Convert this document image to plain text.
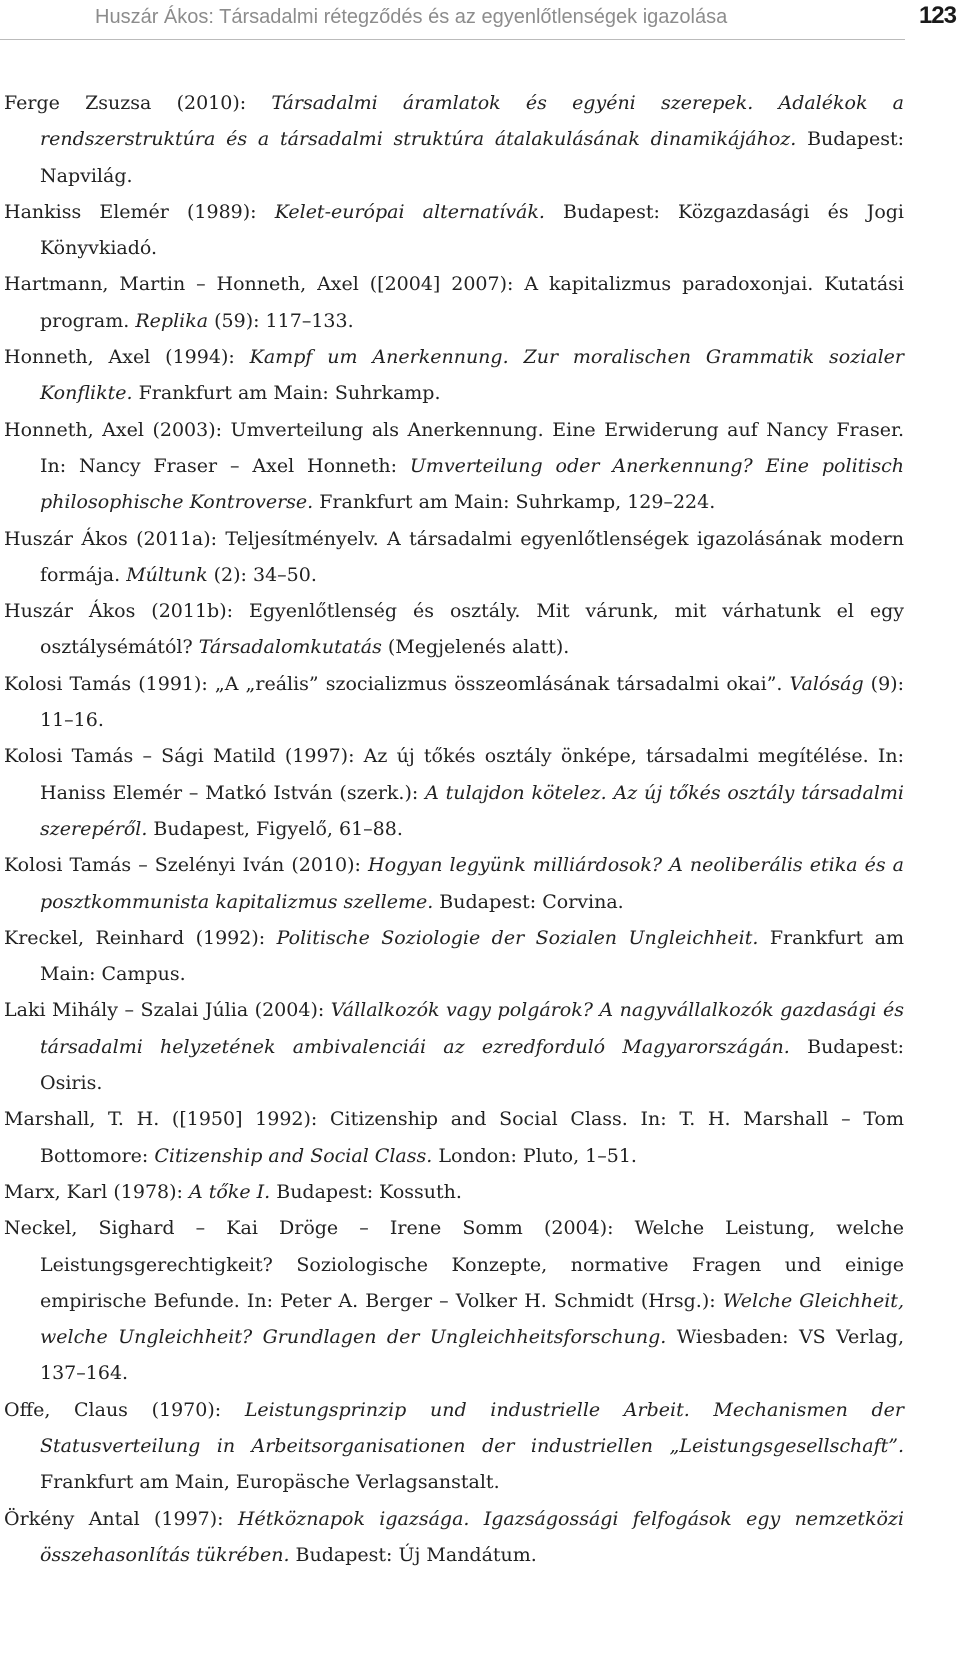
Huszár Ákos: Társadalmi rétegződés és az egyenlőtlenségek igazolása	123

Ferge Zsuzsa (2010): Társadalmi áramlatok és egyéni szerepek. Adalékok a rendszerstruktúra és a társadalmi struktúra átalakulásának dinamikájához. Budapest: Napvilág.

Hankiss Elemér (1989): Kelet-európai alternatívák. Budapest: Közgazdasági és Jogi Könyvkiadó.

Hartmann, Martin – Honneth, Axel ([2004] 2007): A kapitalizmus paradoxonjai. Kutatási program. Replika (59): 117–133.

Honneth, Axel (1994): Kampf um Anerkennung. Zur moralischen Grammatik sozialer Konflikte. Frankfurt am Main: Suhrkamp.

Honneth, Axel (2003): Umverteilung als Anerkennung. Eine Erwiderung auf Nancy Fraser. In: Nancy Fraser – Axel Honneth: Umverteilung oder Anerkennung? Eine politisch philosophische Kontroverse. Frankfurt am Main: Suhrkamp, 129–224.

Huszár Ákos (2011a): Teljesítményelv. A társadalmi egyenlőtlenségek igazolásának modern formája. Múltunk (2): 34–50.

Huszár Ákos (2011b): Egyenlőtlenség és osztály. Mit várunk, mit várhatunk el egy osztálysémától? Társadalomkutatás (Megjelenés alatt).

Kolosi Tamás (1991): „A „reális” szocializmus összeomlásának társadalmi okai”. Valóság (9): 11–16.

Kolosi Tamás – Sági Matild (1997): Az új tőkés osztály önképe, társadalmi megítélése. In: Haniss Elemér – Matkó István (szerk.): A tulajdon kötelez. Az új tőkés osztály társadalmi szerepéről. Budapest, Figyelő, 61–88.

Kolosi Tamás – Szelényi Iván (2010): Hogyan legyünk milliárdosok? A neoliberális etika és a posztkommunista kapitalizmus szelleme. Budapest: Corvina.

Kreckel, Reinhard (1992): Politische Soziologie der Sozialen Ungleichheit. Frankfurt am Main: Campus.

Laki Mihály – Szalai Júlia (2004): Vállalkozók vagy polgárok? A nagyvállalkozók gazdasági és társadalmi helyzetének ambivalenciái az ezredforduló Magyarországán. Budapest: Osiris.

Marshall, T. H. ([1950] 1992): Citizenship and Social Class. In: T. H. Marshall – Tom Bottomore: Citizenship and Social Class. London: Pluto, 1–51.

Marx, Karl (1978): A tőke I. Budapest: Kossuth.

Neckel, Sighard – Kai Dröge – Irene Somm (2004): Welche Leistung, welche Leistungsgerechtigkeit? Soziologische Konzepte, normative Fragen und einige empirische Befunde. In: Peter A. Berger – Volker H. Schmidt (Hrsg.): Welche Gleichheit, welche Ungleichheit? Grundlagen der Ungleichheitsforschung. Wiesbaden: VS Verlag, 137–164.

Offe, Claus (1970): Leistungsprinzip und industrielle Arbeit. Mechanismen der Statusverteilung in Arbeitsorganisationen der industriellen „Leistungsgesellschaft”. Frankfurt am Main, Europäsche Verlagsanstalt.

Örkény Antal (1997): Hétköznapok igazsága. Igazságossági felfogások egy nemzetközi összehasonlítás tükrében. Budapest: Új Mandátum.
